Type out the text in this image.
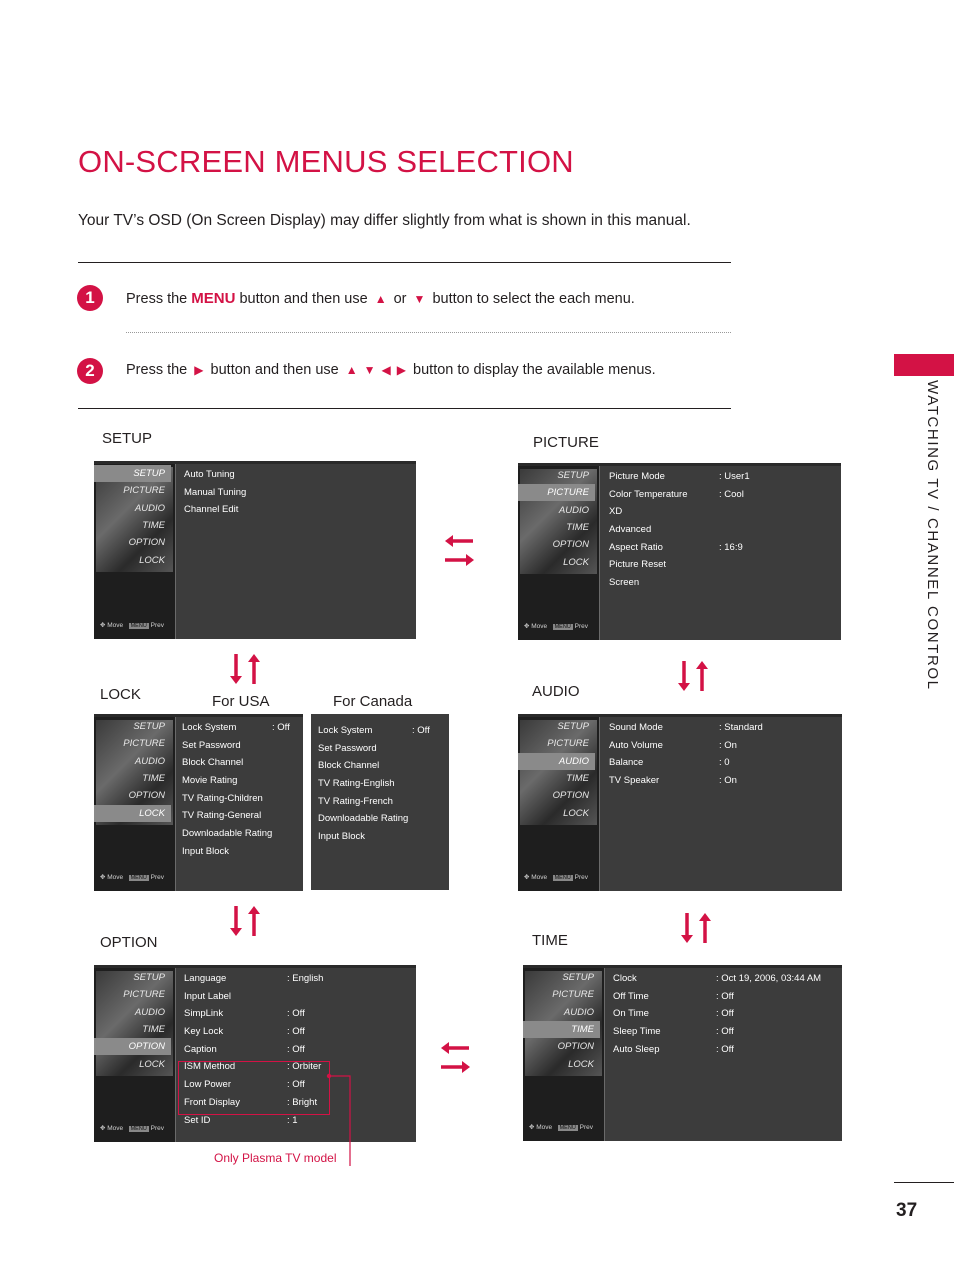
ON-SCREEN MENUS SELECTION
Your TV’s OSD (On Screen Display) may differ slightly from what is shown in this manual.
1	Press the MENU button and then use ▲ or ▼ button to select the each menu.
2	Press the ▶ button and then use ▲ ▼ ◀ ▶ button to display the available menus.
WATCHING TV / CHANNEL CONTROL
37
SETUP	PICTURE
LOCK	For USA	For Canada
AUDIO
OPTION	TIME
SETUP
PICTURE
AUDIO
TIME
OPTION
LOCK
✥ Move MENU Prev
Auto Tuning
Manual Tuning
Channel Edit
SETUP
PICTURE
AUDIO
TIME
OPTION
LOCK
✥ Move MENU Prev
Picture Mode	: User1
Color Temperature	: Cool
XD
Advanced
Aspect Ratio	: 16:9
Picture Reset
Screen
SETUP
PICTURE
AUDIO
TIME
OPTION
LOCK
✥ Move MENU Prev
Lock System	: Off
Set Password
Block Channel
Movie Rating
TV Rating-Children
TV Rating-General
Downloadable Rating
Input Block
Lock System	: Off
Set Password
Block Channel
TV Rating-English
TV Rating-French
Downloadable Rating
Input Block
SETUP
PICTURE
AUDIO
TIME
OPTION
LOCK
✥ Move MENU Prev
Sound Mode	: Standard
Auto Volume	: On
Balance	: 0
TV Speaker	: On
SETUP
PICTURE
AUDIO
TIME
OPTION
LOCK
✥ Move MENU Prev
Language	: English
Input Label
SimpLink	: Off
Key Lock	: Off
Caption	: Off
ISM Method	: Orbiter
Low Power	: Off
Front Display	: Bright
Set ID	: 1
SETUP
PICTURE
AUDIO
TIME
OPTION
LOCK
✥ Move MENU Prev
Clock	: Oct 19, 2006, 03:44 AM
Off Time	: Off
On Time	: Off
Sleep Time	: Off
Auto Sleep	: Off
Only Plasma TV model
